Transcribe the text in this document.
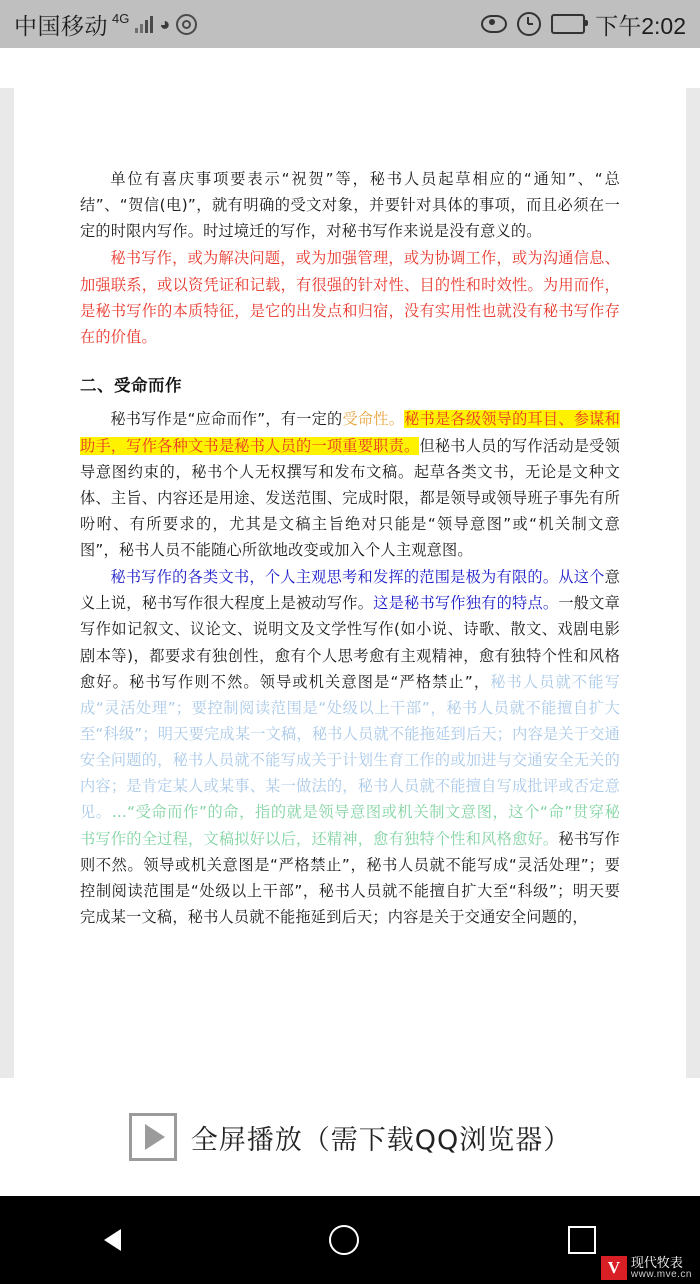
中国移动 4G ◕	下午2:02

单位有喜庆事项要表示“祝贺”等，秘书人员起草相应的“通知”、“总结”、“贺信(电)”，就有明确的受文对象，并要针对具体的事项，而且必须在一定的时限内写作。时过境迁的写作，对秘书写作来说是没有意义的。

秘书写作，或为解决问题，或为加强管理，或为协调工作，或为沟通信息、加强联系，或以资凭证和记载，有很强的针对性、目的性和时效性。为用而作，是秘书写作的本质特征，是它的出发点和归宿，没有实用性也就没有秘书写作存在的价值。

二、受命而作

秘书写作是“应命而作”，有一定的受命性。秘书是各级领导的耳目、参谋和助手，写作各种文书是秘书人员的一项重要职责。但秘书人员的写作活动是受领导意图约束的，秘书个人无权撰写和发布文稿。起草各类文书，无论是文种文体、主旨、内容还是用途、发送范围、完成时限，都是领导或领导班子事先有所吩咐、有所要求的，尤其是文稿主旨绝对只能是“领导意图”或“机关制文意图”，秘书人员不能随心所欲地改变或加入个人主观意图。

秘书写作的各类文书，个人主观思考和发挥的范围是极为有限的。从这个意义上说，秘书写作很大程度上是被动写作。这是秘书写作独有的特点。一般文章写作如记叙文、议论文、说明文及文学性写作(如小说、诗歌、散文、戏剧电影剧本等)，都要求有独创性，愈有个人思考愈有主观精神，愈有独特个性和风格愈好。秘书写作则不然。领导或机关意图是“严格禁止”，秘书人员就不能写成“灵活处理”；要控制阅读范围是“处级以上干部”，秘书人员就不能擅自扩大至“科级”；明天要完成某一文稿，秘书人员就不能拖延到后天；内容是关于交通安全问题的，秘书人员就不能写成关于计划生育工作的或加进与交通安全无关的内容；是肯定某人或某事、某一做法的，秘书人员就不能擅自写成批评或否定意见。…“受命而作”的命，指的就是领导意图或机关制文意图，这个“命”贯穿秘书写作的全过程，文稿拟好以后，还精神，愈有独特个性和风格愈好。秘书写作则不然。领导或机关意图是“严格禁止”，秘书人员就不能写成“灵活处理”；要控制阅读范围是“处级以上干部”，秘书人员就不能擅自扩大至“科级”；明天要完成某一文稿，秘书人员就不能拖延到后天；内容是关于交通安全问题的，

全屏播放（需下载QQ浏览器）
V 现代牧表
www.mve.cn
